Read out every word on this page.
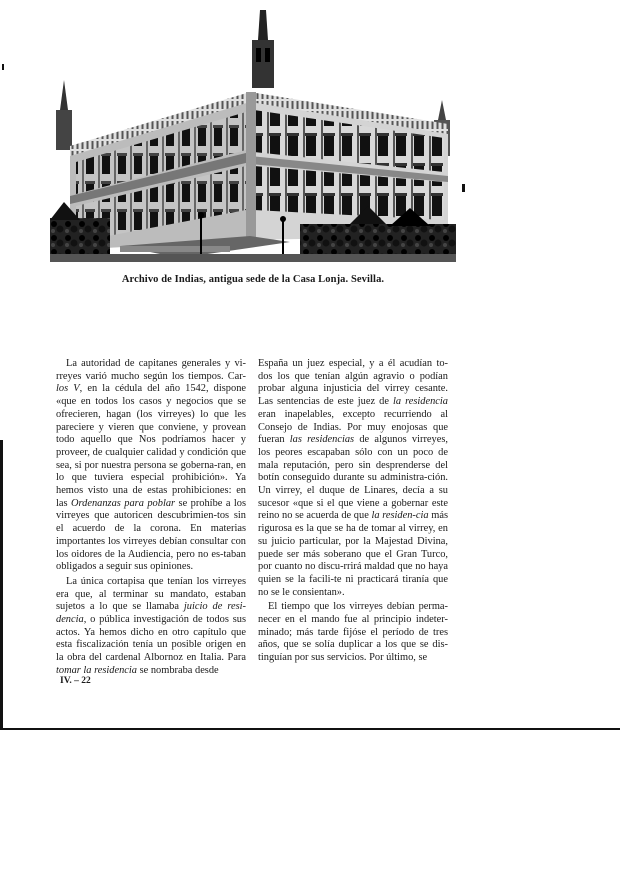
Archivo de Indias, antigua sede de la Casa Lonja. Sevilla.

La autoridad de capitanes generales y vi-rreyes varió mucho según los tiempos. Car-los V, en la cédula del año 1542, dispone «que en todos los casos y negocios que se ofrecieren, hagan (los virreyes) lo que les pareciere y vieren que conviene, y provean todo aquello que Nos podríamos hacer y proveer, de cualquier calidad y condición que sea, si por nuestra persona se goberna-ran, en lo que tuviera especial prohibición». Ya hemos visto una de estas prohibiciones: en las Ordenanzas para poblar se prohíbe a los virreyes que autoricen descubrimien-tos sin el acuerdo de la corona. En materias importantes los virreyes debían consultar con los oidores de la Audiencia, pero no es-taban obligados a seguir sus opiniones.

La única cortapisa que tenían los virreyes era que, al terminar su mandato, estaban sujetos a lo que se llamaba juicio de resi-dencia, o pública investigación de todos sus actos. Ya hemos dicho en otro capítulo que esta fiscalización tenía un posible origen en la obra del cardenal Albornoz en Italia. Para tomar la residencia se nombraba desde

España un juez especial, y a él acudían to-dos los que tenían algún agravio o podían probar alguna injusticia del virrey cesante. Las sentencias de este juez de la residencia eran inapelables, excepto recurriendo al Consejo de Indias. Por muy enojosas que fueran las residencias de algunos virreyes, los peores escapaban sólo con un poco de mala reputación, pero sin desprenderse del botín conseguido durante su administra-ción. Un virrey, el duque de Linares, decía a su sucesor «que si el que viene a gobernar este reino no se acuerda de que la residen-cia más rigurosa es la que se ha de tomar al virrey, en su juicio particular, por la Majestad Divina, puede ser más soberano que el Gran Turco, por cuanto no discu-rrirá maldad que no haya quien se la facili-te ni practicará tiranía que no se le consientan».

El tiempo que los virreyes debían perma-necer en el mando fue al principio indeter-minado; más tarde fijóse el período de tres años, que se solía duplicar a los que se dis-tinguían por sus servicios. Por último, se

IV. – 22
